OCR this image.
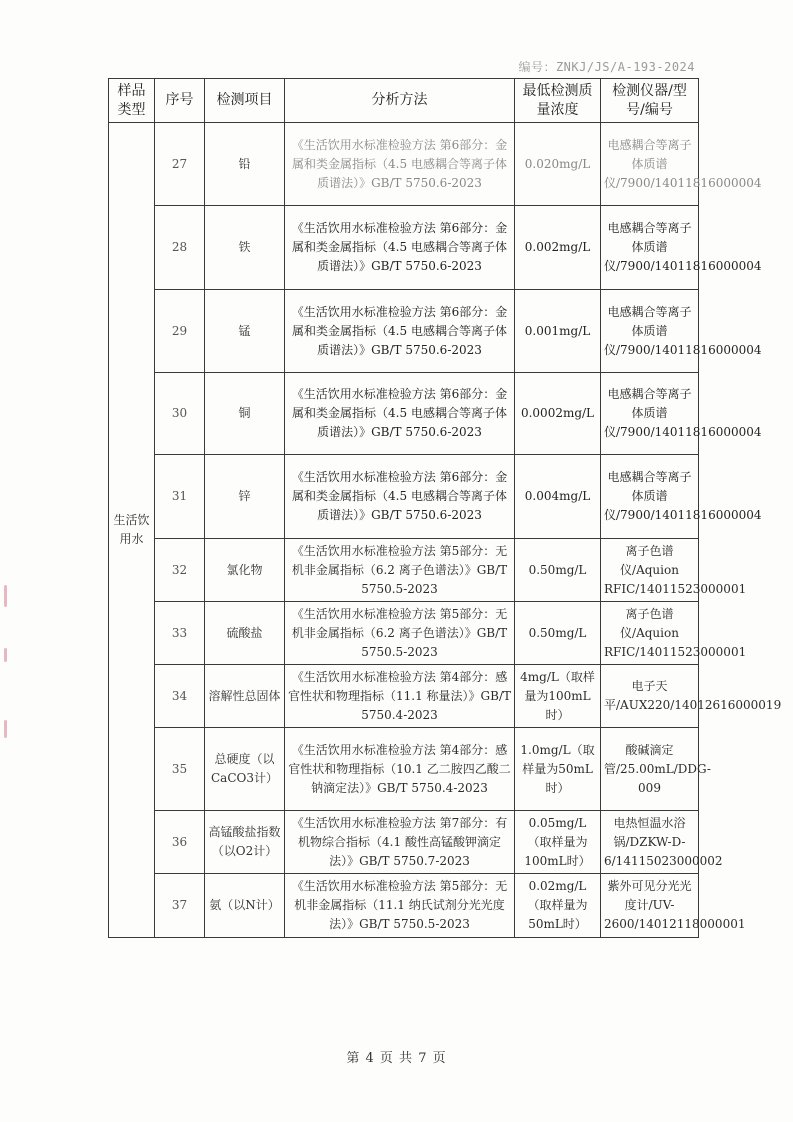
编号：ZNKJ/JS/A-193-2024
样品类型	序号	检测项目	分析方法	最低检测质量浓度	检测仪器/型号/编号
生活饮用水	27	铅	《生活饮用水标准检验方法 第6部分：金属和类金属指标（4.5 电感耦合等离子体质谱法）》GB/T 5750.6-2023	0.020mg/L	电感耦合等离子体质谱仪/7900/14011816000004
	28	铁	《生活饮用水标准检验方法 第6部分：金属和类金属指标（4.5 电感耦合等离子体质谱法）》GB/T 5750.6-2023	0.002mg/L	电感耦合等离子体质谱仪/7900/14011816000004
	29	锰	《生活饮用水标准检验方法 第6部分：金属和类金属指标（4.5 电感耦合等离子体质谱法）》GB/T 5750.6-2023	0.001mg/L	电感耦合等离子体质谱仪/7900/14011816000004
	30	铜	《生活饮用水标准检验方法 第6部分：金属和类金属指标（4.5 电感耦合等离子体质谱法）》GB/T 5750.6-2023	0.0002mg/L	电感耦合等离子体质谱仪/7900/14011816000004
	31	锌	《生活饮用水标准检验方法 第6部分：金属和类金属指标（4.5 电感耦合等离子体质谱法）》GB/T 5750.6-2023	0.004mg/L	电感耦合等离子体质谱仪/7900/14011816000004
	32	氯化物	《生活饮用水标准检验方法 第5部分：无机非金属指标（6.2 离子色谱法）》GB/T 5750.5-2023	0.50mg/L	离子色谱仪/Aquion RFIC/14011523000001
	33	硫酸盐	《生活饮用水标准检验方法 第5部分：无机非金属指标（6.2 离子色谱法）》GB/T 5750.5-2023	0.50mg/L	离子色谱仪/Aquion RFIC/14011523000001
	34	溶解性总固体	《生活饮用水标准检验方法 第4部分：感官性状和物理指标（11.1 称量法）》GB/T 5750.4-2023	4mg/L（取样量为100mL时）	电子天平/AUX220/14012616000019
	35	总硬度（以CaCO3计）	《生活饮用水标准检验方法 第4部分：感官性状和物理指标（10.1 乙二胺四乙酸二钠滴定法）》GB/T 5750.4-2023	1.0mg/L（取样量为50mL时）	酸碱滴定管/25.00mL/DDG-009
	36	高锰酸盐指数（以O2计）	《生活饮用水标准检验方法 第7部分：有机物综合指标（4.1 酸性高锰酸钾滴定法）》GB/T 5750.7-2023	0.05mg/L（取样量为100mL时）	电热恒温水浴锅/DZKW-D-6/14115023000002
	37	氨（以N计）	《生活饮用水标准检验方法 第5部分：无机非金属指标（11.1 纳氏试剂分光光度法）》GB/T 5750.5-2023	0.02mg/L（取样量为50mL时）	紫外可见分光光度计/UV-2600/14012118000001
第 4 页 共 7 页
